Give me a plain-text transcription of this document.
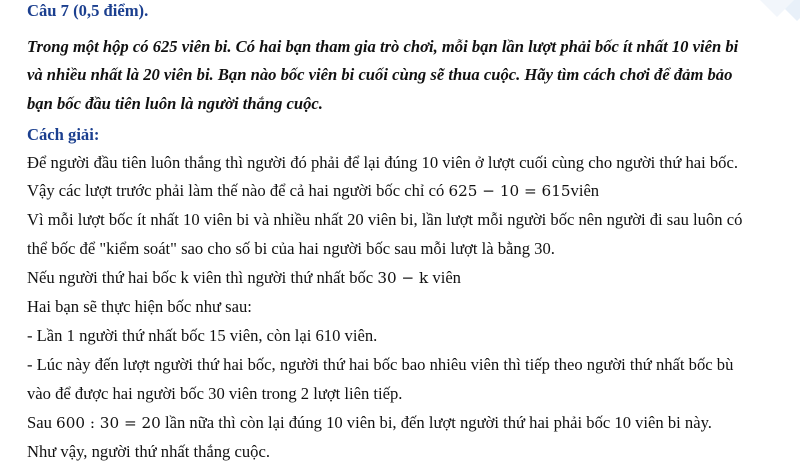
Câu 7 (0,5 điểm).
Trong một hộp có 625 viên bi. Có hai bạn tham gia trò chơi, mỗi bạn lần lượt phải bốc ít nhất 10 viên bi
và nhiều nhất là 20 viên bi. Bạn nào bốc viên bi cuối cùng sẽ thua cuộc. Hãy tìm cách chơi để đảm bảo
bạn bốc đầu tiên luôn là người thắng cuộc.
Cách giải:
Để người đầu tiên luôn thắng thì người đó phải để lại đúng 10 viên ở lượt cuối cùng cho người thứ hai bốc.
Vậy các lượt trước phải làm thế nào để cả hai người bốc chỉ có 625 − 10 = 615viên
Vì mỗi lượt bốc ít nhất 10 viên bi và nhiều nhất 20 viên bi, lần lượt mỗi người bốc nên người đi sau luôn có
thể bốc để "kiểm soát" sao cho số bi của hai người bốc sau mỗi lượt là bằng 30.
Nếu người thứ hai bốc k viên thì người thứ nhất bốc 30 − k viên
Hai bạn sẽ thực hiện bốc như sau:
- Lần 1 người thứ nhất bốc 15 viên, còn lại 610 viên.
- Lúc này đến lượt người thứ hai bốc, người thứ hai bốc bao nhiêu viên thì tiếp theo người thứ nhất bốc bù
vào để được hai người bốc 30 viên trong 2 lượt liên tiếp.
Sau 600 : 30 = 20 lần nữa thì còn lại đúng 10 viên bi, đến lượt người thứ hai phải bốc 10 viên bi này.
Như vậy, người thứ nhất thắng cuộc.
